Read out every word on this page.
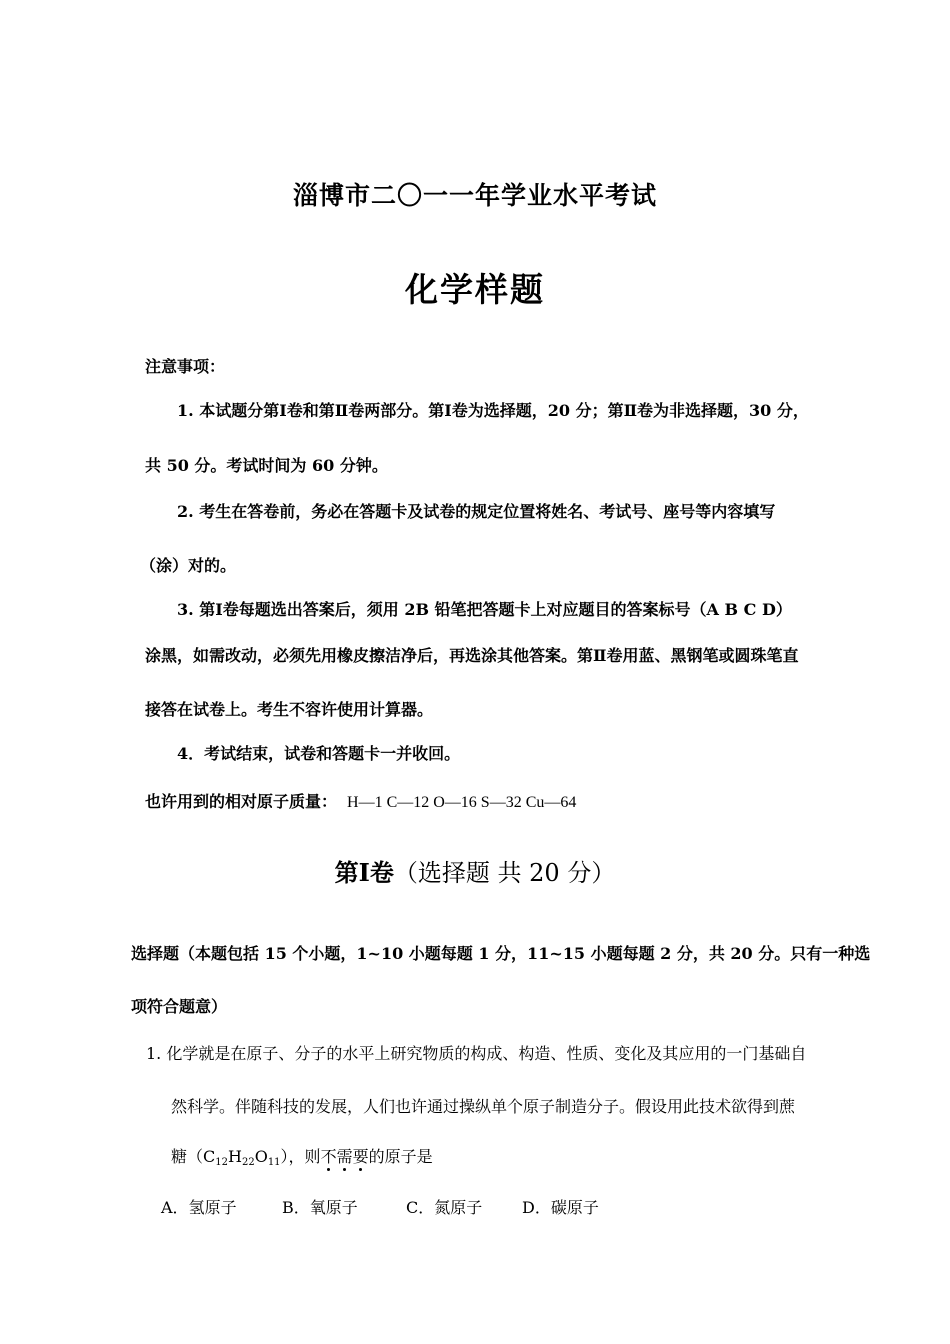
淄博市二〇一一年学业水平考试
化学样题
注意事项：
1. 本试题分第Ⅰ卷和第Ⅱ卷两部分。第Ⅰ卷为选择题，20 分；第Ⅱ卷为非选择题，30 分，
共 50 分。考试时间为 60 分钟。
2. 考生在答卷前，务必在答题卡及试卷的规定位置将姓名、考试号、座号等内容填写
（涂）对的。
3. 第Ⅰ卷每题选出答案后，须用 2B 铅笔把答题卡上对应题目的答案标号（A B C D）
涂黑，如需改动，必须先用橡皮擦洁净后，再选涂其他答案。第Ⅱ卷用蓝、黑钢笔或圆珠笔直
接答在试卷上。考生不容许使用计算器。
4．考试结束，试卷和答题卡一并收回。
也许用到的相对原子质量： H—1 C—12 O—16 S—32 Cu—64
第Ⅰ卷（选择题 共 20 分）
选择题（本题包括 15 个小题，1~10 小题每题 1 分，11~15 小题每题 2 分，共 20 分。只有一种选
项符合题意）
1. 化学就是在原子、分子的水平上研究物质的构成、构造、性质、变化及其应用的一门基础自
然科学。伴随科技的发展，人们也许通过操纵单个原子制造分子。假设用此技术欲得到蔗
糖$(C_{12}H_{22}O_{11})$，则不需要的原子是
A．氢原子	B．氧原子	C．氮原子 D．碳原子
